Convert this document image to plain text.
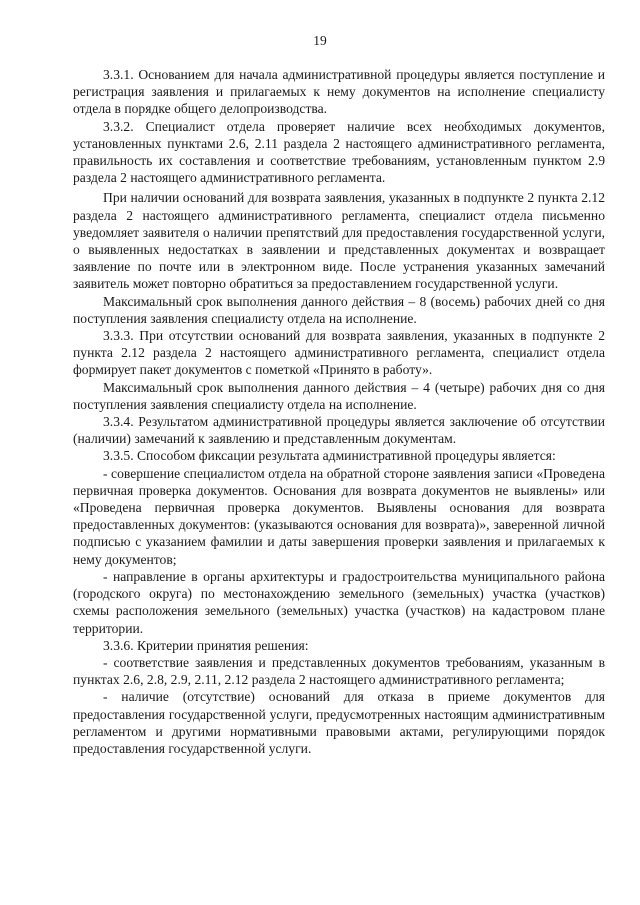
19

3.3.1. Основанием для начала административной процедуры является поступление и регистрация заявления и прилагаемых к нему документов на исполнение специалисту отдела в порядке общего делопроизводства.

3.3.2. Специалист отдела проверяет наличие всех необходимых документов, установленных пунктами 2.6, 2.11 раздела 2 настоящего административного регламента, правильность их составления и соответствие требованиям, установленным пунктом 2.9 раздела 2 настоящего административного регламента.

При наличии оснований для возврата заявления, указанных в подпункте 2 пункта 2.12 раздела 2 настоящего административного регламента, специалист отдела письменно уведомляет заявителя о наличии препятствий для предоставления государственной услуги, о выявленных недостатках в заявлении и представленных документах и возвращает заявление по почте или в электронном виде. После устранения указанных замечаний заявитель может повторно обратиться за предоставлением государственной услуги.

Максимальный срок выполнения данного действия – 8 (восемь) рабочих дней со дня поступления заявления специалисту отдела на исполнение.

3.3.3. При отсутствии оснований для возврата заявления, указанных в подпункте 2 пункта 2.12 раздела 2 настоящего административного регламента, специалист отдела формирует пакет документов с пометкой «Принято в работу».

Максимальный срок выполнения данного действия – 4 (четыре) рабочих дня со дня поступления заявления специалисту отдела на исполнение.

3.3.4. Результатом административной процедуры является заключение об отсутствии (наличии) замечаний к заявлению и представленным документам.

3.3.5. Способом фиксации результата административной процедуры является:

- совершение специалистом отдела на обратной стороне заявления записи «Проведена первичная проверка документов. Основания для возврата документов не выявлены» или «Проведена первичная проверка документов. Выявлены основания для возврата предоставленных документов: (указываются основания для возврата)», заверенной личной подписью с указанием фамилии и даты завершения проверки заявления и прилагаемых к нему документов;

- направление в органы архитектуры и градостроительства муниципального района (городского округа) по местонахождению земельного (земельных) участка (участков) схемы расположения земельного (земельных) участка (участков) на кадастровом плане территории.

3.3.6. Критерии принятия решения:

- соответствие заявления и представленных документов требованиям, указанным в пунктах 2.6, 2.8, 2.9, 2.11, 2.12 раздела 2 настоящего административного регламента;

- наличие (отсутствие) оснований для отказа в приеме документов для предоставления государственной услуги, предусмотренных настоящим административным регламентом и другими нормативными правовыми актами, регулирующими порядок предоставления государственной услуги.
